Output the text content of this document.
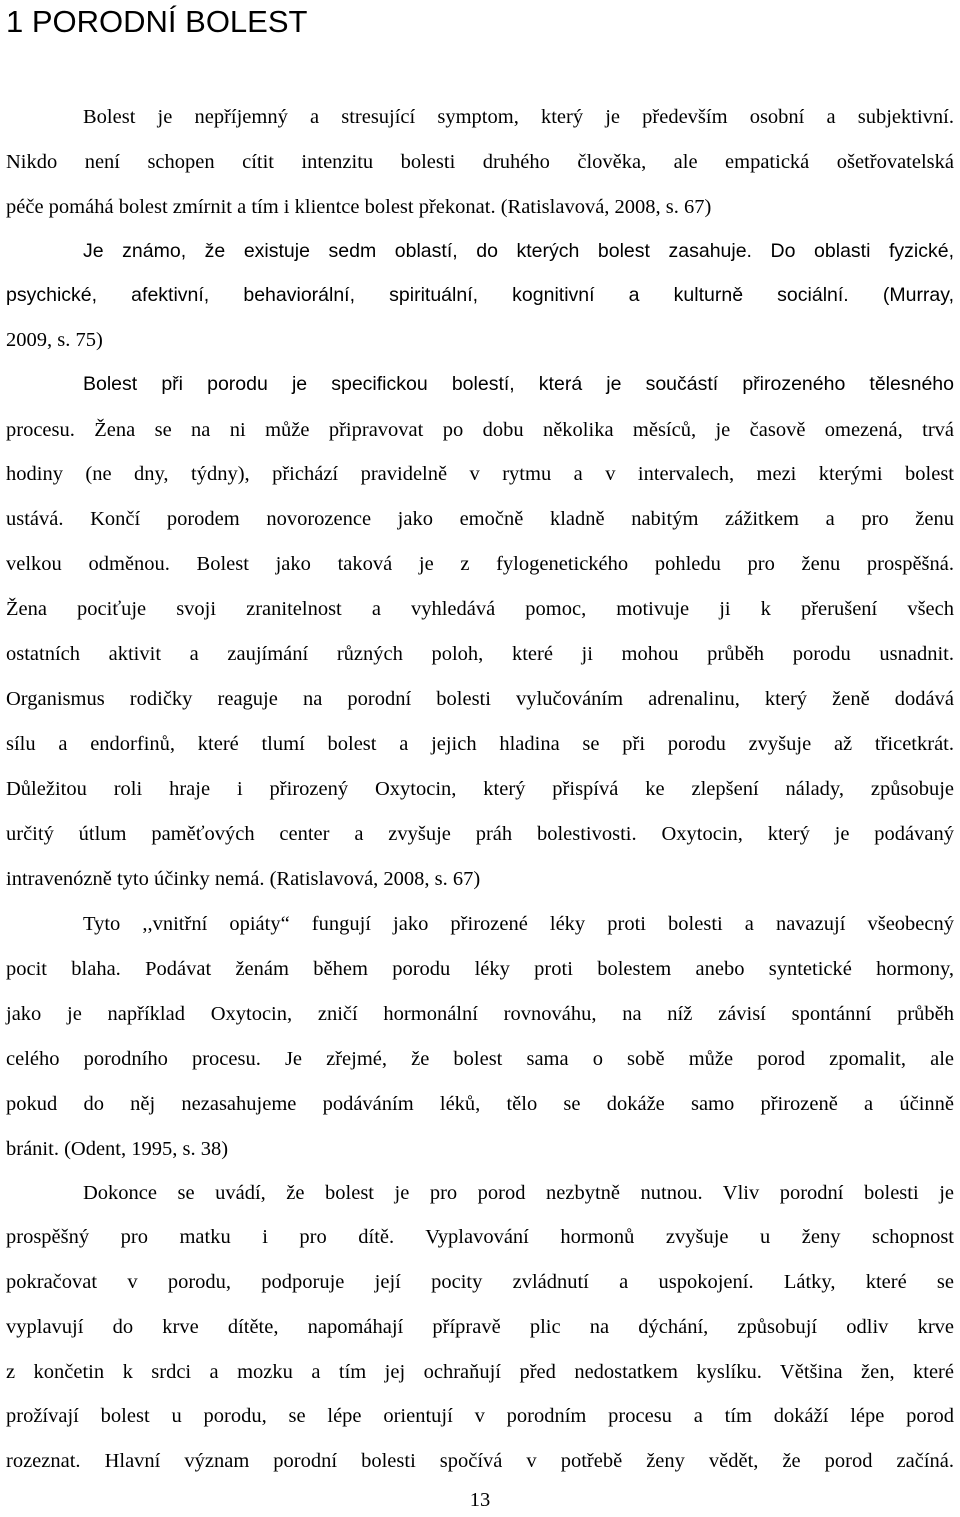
1 PORODNÍ BOLEST

Bolest je nepříjemný a stresující symptom, který je především osobní a subjektivní.

Nikdo není schopen cítit intenzitu bolesti druhého člověka, ale empatická ošetřovatelská

péče pomáhá bolest zmírnit a tím i klientce bolest překonat. (Ratislavová, 2008, s. 67)

Je známo, že existuje sedm oblastí, do kterých bolest zasahuje. Do oblasti fyzické,

psychické, afektivní, behaviorální, spirituální, kognitivní a kulturně sociální. (Murray,

2009, s. 75)

Bolest při porodu je specifickou bolestí, která je součástí přirozeného tělesného

procesu. Žena se na ni může připravovat po dobu několika měsíců, je časově omezená, trvá

hodiny (ne dny, týdny), přichází pravidelně v rytmu a v intervalech, mezi kterými bolest

ustává. Končí porodem novorozence jako emočně kladně nabitým zážitkem a pro ženu

velkou odměnou. Bolest jako taková je z fylogenetického pohledu pro ženu prospěšná.

Žena pociťuje svoji zranitelnost a vyhledává pomoc, motivuje ji k přerušení všech

ostatních aktivit a zaujímání různých poloh, které ji mohou průběh porodu usnadnit.

Organismus rodičky reaguje na porodní bolesti vylučováním adrenalinu, který ženě dodává

sílu a endorfinů, které tlumí bolest a jejich hladina se při porodu zvyšuje až třicetkrát.

Důležitou roli hraje i přirozený Oxytocin, který přispívá ke zlepšení nálady, způsobuje

určitý útlum paměťových center a zvyšuje práh bolestivosti. Oxytocin, který je podávaný

intravenózně tyto účinky nemá. (Ratislavová, 2008, s. 67)

Tyto ,,vnitřní opiáty“ fungují jako přirozené léky proti bolesti a navazují všeobecný

pocit blaha. Podávat ženám během porodu léky proti bolestem anebo syntetické hormony,

jako je například Oxytocin, zničí hormonální rovnováhu, na níž závisí spontánní průběh

celého porodního procesu. Je zřejmé, že bolest sama o sobě může porod zpomalit, ale

pokud do něj nezasahujeme podáváním léků, tělo se dokáže samo přirozeně a účinně

bránit. (Odent, 1995, s. 38)

Dokonce se uvádí, že bolest je pro porod nezbytně nutnou. Vliv porodní bolesti je

prospěšný pro matku i pro dítě. Vyplavování hormonů zvyšuje u ženy schopnost

pokračovat v porodu, podporuje její pocity zvládnutí a uspokojení. Látky, které se

vyplavují do krve dítěte, napomáhají přípravě plic na dýchání, způsobují odliv krve

z končetin k srdci a mozku a tím jej ochraňují před nedostatkem kyslíku. Většina žen, které

prožívají bolest u porodu, se lépe orientují v porodním procesu a tím dokáží lépe porod

rozeznat. Hlavní význam porodní bolesti spočívá v potřebě ženy vědět, že porod začíná.

13
